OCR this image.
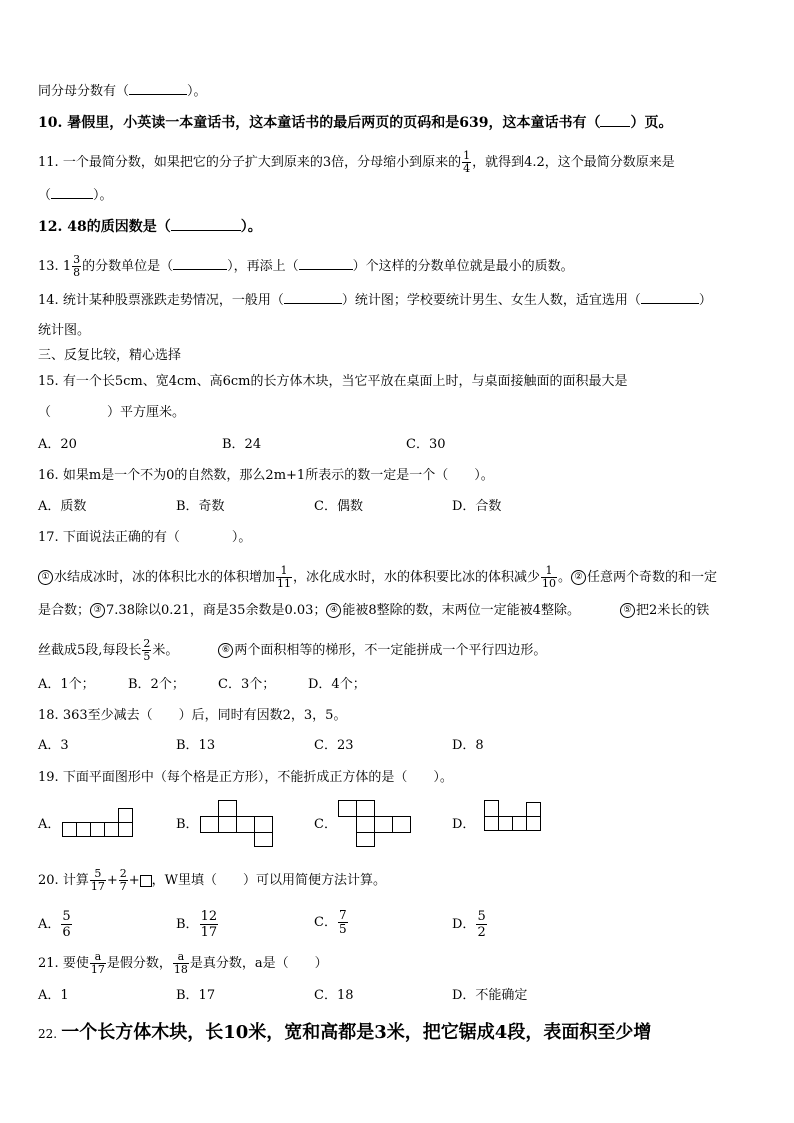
同分母分数有（	）。
10. 暑假里，小英读一本童话书，这本童话书的最后两页的页码和是639，这本童话书有（ ）页。
11. 一个最简分数，如果把它的分子扩大到原来的3倍，分母缩小到原来的 $\frac{1}{4}$ ，就得到4.2，这个最简分数原来是
（	）。
12. 48的质因数是（	）。
13. $1 \frac{3}{8}$ 的分数单位是（	），再添上（	）个这样的分数单位就是最小的质数。
14. 统计某种股票涨跌走势情况，一般用（	）统计图；学校要统计男生、女生人数，适宜选用（	）
统计图。
三、反复比较，精心选择
15. 有一个长5cm、宽4cm、高6cm的长方体木块，当它平放在桌面上时，与桌面接触面的面积最大是
（	）平方厘米。
A．20	B．24	C．30
16. 如果m是一个不为0的自然数，那么2m+1所表示的数一定是一个（　　）。
A．质数	B．奇数	C．偶数	D．合数
17. 下面说法正确的有（　　　　）。
① 水结成冰时，冰的体积比水的体积增加 $\frac{1}{11}$ ，冰化成水时，水的体积要比冰的体积减少 $\frac{1}{10}$ 。 ② 任意两个奇数的和一定
是合数； ③ 7.38除以0.21，商是35余数是0.03； ④ 能被8整除的数，末两位一定能被4整除。	⑤ 把2米长的铁
丝截成5段,每段长 $\frac{2}{5}$ 米。	⑥ 两个面积相等的梯形，不一定能拼成一个平行四边形。
A．1个；	B．2个；	C．3个；	D．4个；
18. 363至少减去（　　）后，同时有因数2，3，5。
A．3	B．13	C．23	D．8
19. 下面平面图形中（每个格是正方形），不能折成正方体的是（　　）。
A．	B．	C．	D．
20. 计算 $\frac{5}{17} + \frac{2}{7}$ + ，W里填（　　）可以用简便方法计算。
A． $\frac{5}{6}$	B． $\frac{12}{17}$	C． $\frac{7}{5}$	D． $\frac{5}{2}$
21. 要使 $\frac{a}{17}$ 是假分数， $\frac{a}{18}$ 是真分数，a是（　　）
A．1	B．17	C．18	D．不能确定
22. 一个长方体木块，长10米，宽和高都是3米，把它锯成4段，表面积至少增
